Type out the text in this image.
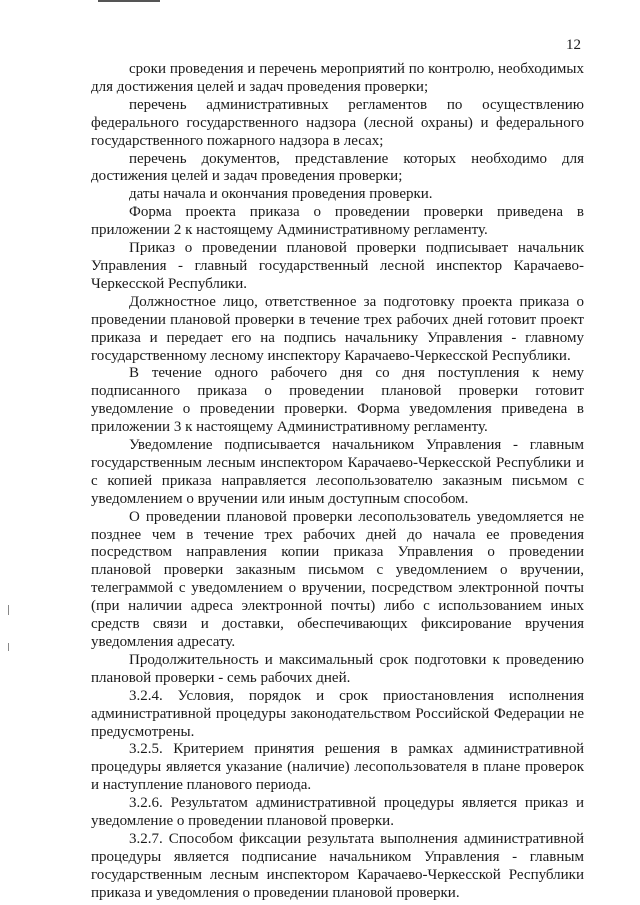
12

сроки проведения и перечень мероприятий по контролю, необходимых для достижения целей и задач проведения проверки;

перечень административных регламентов по осуществлению федерального государственного надзора (лесной охраны) и федерального государственного пожарного надзора в лесах;

перечень документов, представление которых необходимо для достижения целей и задач проведения проверки;

даты начала и окончания проведения проверки.

Форма проекта приказа о проведении проверки приведена в приложении 2 к настоящему Административному регламенту.

Приказ о проведении плановой проверки подписывает начальник Управления - главный государственный лесной инспектор Карачаево-Черкесской Республики.

Должностное лицо, ответственное за подготовку проекта приказа о проведении плановой проверки в течение трех рабочих дней готовит проект приказа и передает его на подпись начальнику Управления - главному государственному лесному инспектору Карачаево-Черкесской Республики.

В течение одного рабочего дня со дня поступления к нему подписанного приказа о проведении плановой проверки готовит уведомление о проведении проверки. Форма уведомления приведена в приложении 3 к настоящему Административному регламенту.

Уведомление подписывается начальником Управления - главным государственным лесным инспектором Карачаево-Черкесской Республики и с копией приказа направляется лесопользователю заказным письмом с уведомлением о вручении или иным доступным способом.

О проведении плановой проверки лесопользователь уведомляется не позднее чем в течение трех рабочих дней до начала ее проведения посредством направления копии приказа Управления о проведении плановой проверки заказным письмом с уведомлением о вручении, телеграммой с уведомлением о вручении, посредством электронной почты (при наличии адреса электронной почты) либо с использованием иных средств связи и доставки, обеспечивающих фиксирование вручения уведомления адресату.

Продолжительность и максимальный срок подготовки к проведению плановой проверки - семь рабочих дней.

3.2.4. Условия, порядок и срок приостановления исполнения административной процедуры законодательством Российской Федерации не предусмотрены.

3.2.5. Критерием принятия решения в рамках административной процедуры является указание (наличие) лесопользователя в плане проверок и наступление планового периода.

3.2.6. Результатом административной процедуры является приказ и уведомление о проведении плановой проверки.

3.2.7. Способом фиксации результата выполнения административной процедуры является подписание начальником Управления - главным государственным лесным инспектором Карачаево-Черкесской Республики приказа и уведомления о проведении плановой проверки.
